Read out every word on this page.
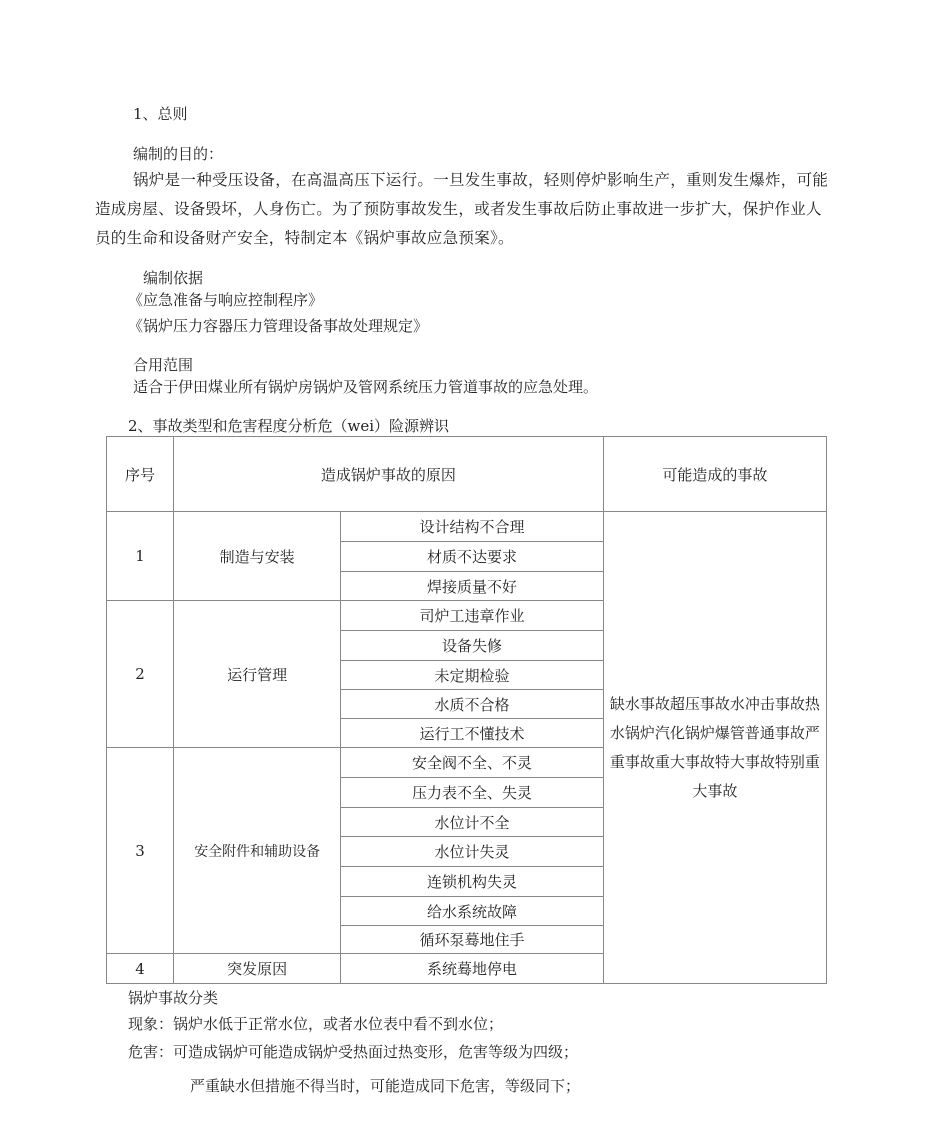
1、总则
编制的目的：
锅炉是一种受压设备，在高温高压下运行。一旦发生事故，轻则停炉影响生产，重则发生爆炸，可能造成房屋、设备毁坏，人身伤亡。为了预防事故发生，或者发生事故后防止事故进一步扩大，保护作业人员的生命和设备财产安全，特制定本《锅炉事故应急预案》。
编制依据
《应急准备与响应控制程序》
《锅炉压力容器压力管理设备事故处理规定》
合用范围
适合于伊田煤业所有锅炉房锅炉及管网系统压力管道事故的应急处理。
2、事故类型和危害程度分析危（wei）险源辨识
序号	造成锅炉事故的原因		可能造成的事故
1	制造与安装	设计结构不合理	缺水事故超压事故水冲击事故热水锅炉汽化锅炉爆管普通事故严重事故重大事故特大事故特别重大事故
		材质不达要求	
		焊接质量不好	
2	运行管理	司炉工违章作业	
		设备失修	
		未定期检验	
		水质不合格	
		运行工不懂技术	
3	安全附件和辅助设备	安全阀不全、不灵	
		压力表不全、失灵	
		水位计不全	
		水位计失灵	
		连锁机构失灵	
		给水系统故障	
		循环泵蓦地住手	
4	突发原因	系统蓦地停电	
锅炉事故分类
现象：锅炉水低于正常水位，或者水位表中看不到水位；
危害：可造成锅炉可能造成锅炉受热面过热变形，危害等级为四级；
严重缺水但措施不得当时，可能造成同下危害，等级同下；
